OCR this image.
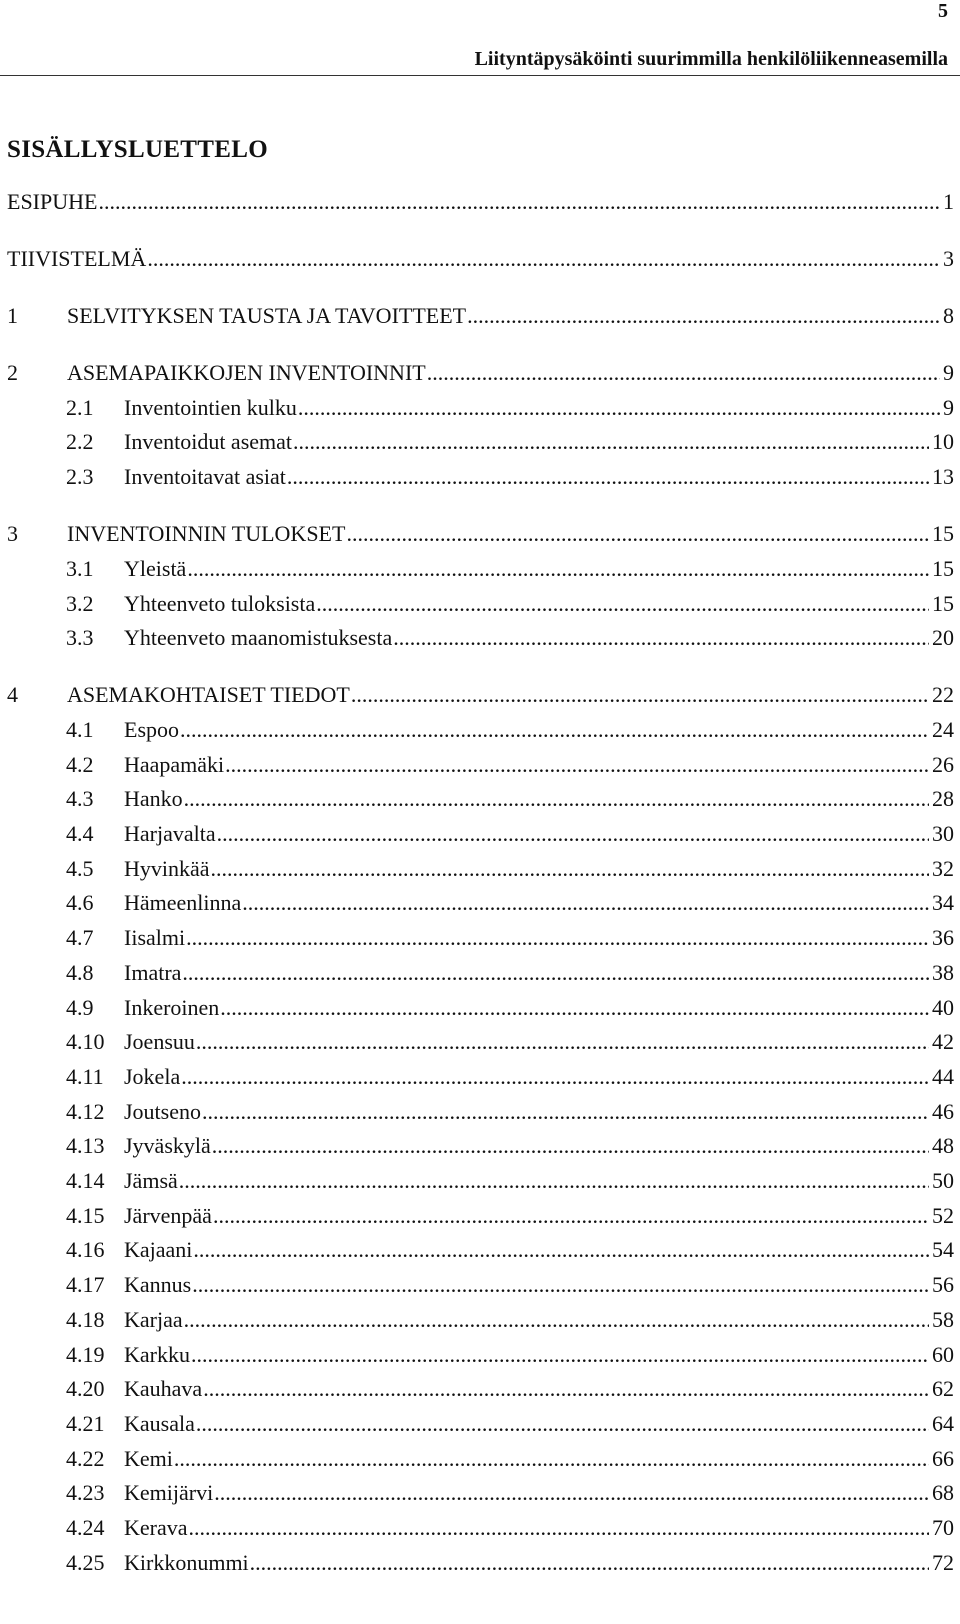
5
Liityntäpysäköinti suurimmilla henkilöliikenneasemilla
SISÄLLYSLUETTELO
ESIPUHE .....	1
TIIVISTELMÄ .....	3
1	SELVITYKSEN TAUSTA JA TAVOITTEET .....	8
2	ASEMAPAIKKOJEN INVENTOINNIT .....	9
2.1	Inventointien kulku .....	9
2.2	Inventoidut asemat .....	10
2.3	Inventoitavat asiat .....	13
3	INVENTOINNIN TULOKSET .....	15
3.1	Yleistä .....	15
3.2	Yhteenveto tuloksista .....	15
3.3	Yhteenveto maanomistuksesta .....	20
4	ASEMAKOHTAISET TIEDOT .....	22
4.1	Espoo .....	24
4.2	Haapamäki .....	26
4.3	Hanko .....	28
4.4	Harjavalta .....	30
4.5	Hyvinkää .....	32
4.6	Hämeenlinna .....	34
4.7	Iisalmi .....	36
4.8	Imatra .....	38
4.9	Inkeroinen .....	40
4.10 Joensuu .....	42
4.11 Jokela .....	44
4.12 Joutseno .....	46
4.13 Jyväskylä .....	48
4.14 Jämsä .....	50
4.15 Järvenpää .....	52
4.16 Kajaani .....	54
4.17 Kannus .....	56
4.18 Karjaa .....	58
4.19 Karkku .....	60
4.20 Kauhava .....	62
4.21 Kausala .....	64
4.22 Kemi .....	66
4.23 Kemijärvi .....	68
4.24 Kerava .....	70
4.25 Kirkkonummi .....	72
